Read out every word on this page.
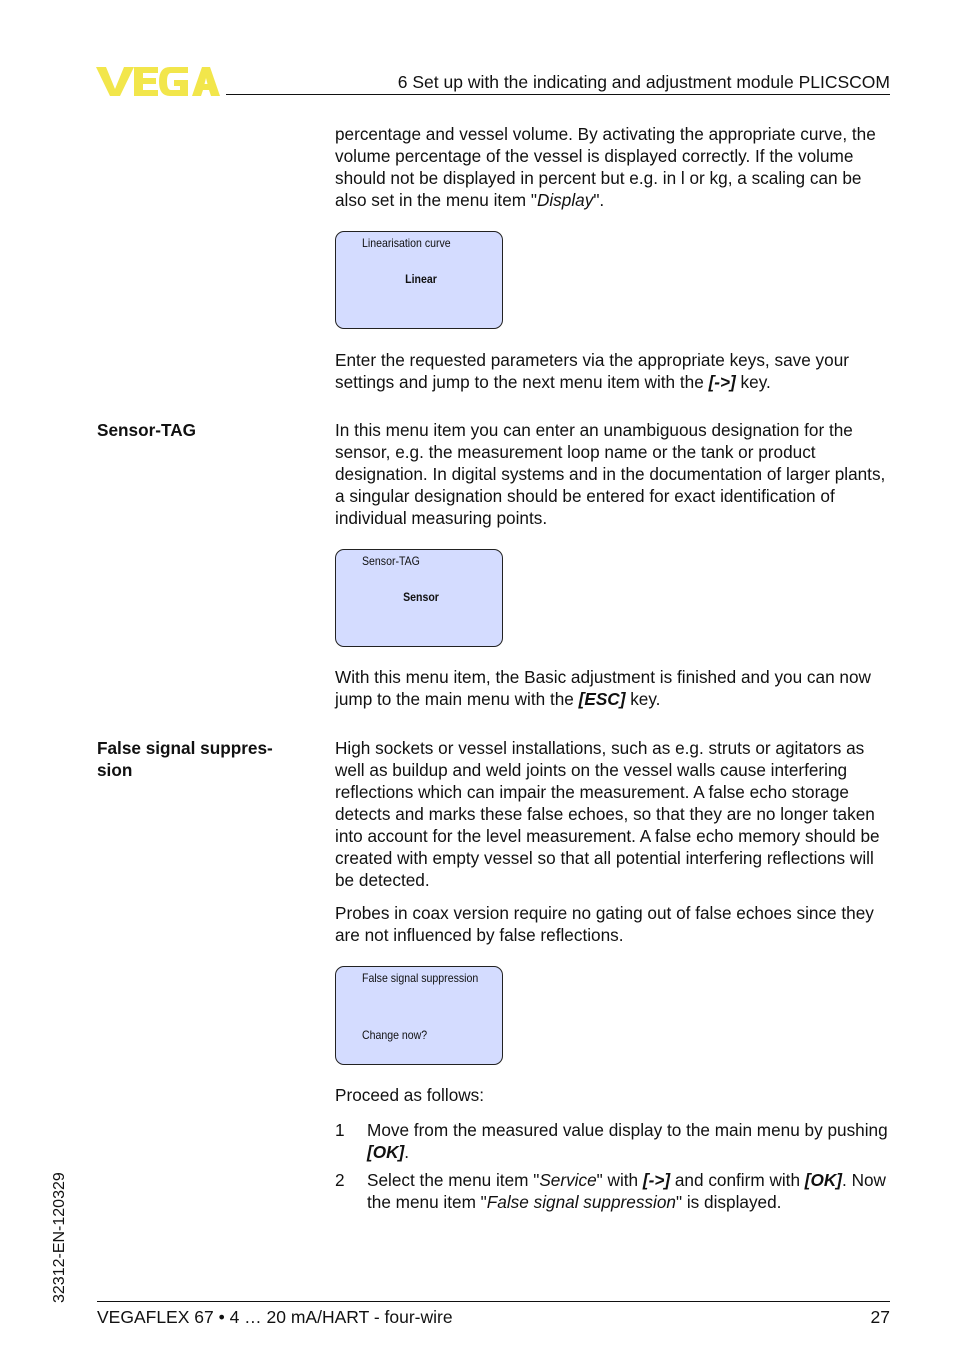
6 Set up with the indicating and adjustment module PLICSCOM

percentage and vessel volume. By activating the appropriate curve, the volume percentage of the vessel is displayed correctly. If the volume should not be displayed in percent but e.g. in l or kg, a scaling can be also set in the menu item "Display".

Linearisation curve
Linear

Enter the requested parameters via the appropriate keys, save your settings and jump to the next menu item with the [->] key.

Sensor-TAG	In this menu item you can enter an unambiguous designation for the sensor, e.g. the measurement loop name or the tank or product designation. In digital systems and in the documentation of larger plants, a singular designation should be entered for exact identification of individual measuring points.

Sensor-TAG
Sensor

With this menu item, the Basic adjustment is finished and you can now jump to the main menu with the [ESC] key.

False signal suppres-
sion

High sockets or vessel installations, such as e.g. struts or agitators as well as buildup and weld joints on the vessel walls cause interfering reflections which can impair the measurement. A false echo storage detects and marks these false echoes, so that they are no longer taken into account for the level measurement. A false echo memory should be created with empty vessel so that all potential interfering reflections will be detected.

Probes in coax version require no gating out of false echoes since they are not influenced by false reflections.

False signal suppression
Change now?
Proceed as follows:
1	Move from the measured value display to the main menu by pushing [OK].
2	Select the menu item "Service" with [->] and confirm with [OK]. Now the menu item "False signal suppression" is displayed.
32312-EN-120329
VEGAFLEX 67 • 4 … 20 mA/HART - four-wire	27
